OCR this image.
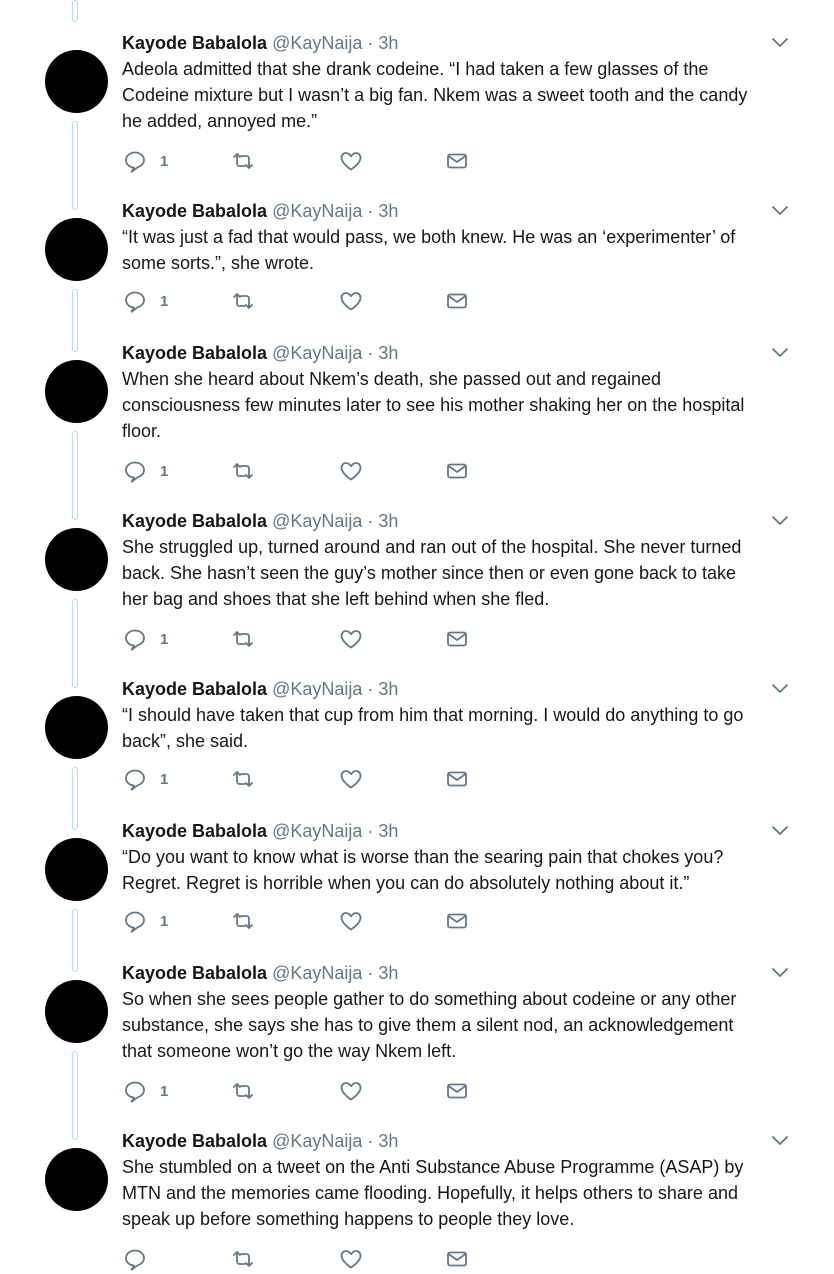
Kayode Babalola @KayNaija · 3h
Adeola admitted that she drank codeine. “I had taken a few glasses of the
Codeine mixture but I wasn’t a big fan. Nkem was a sweet tooth and the candy
he added, annoyed me.”
1
Kayode Babalola @KayNaija · 3h
“It was just a fad that would pass, we both knew. He was an ‘experimenter’ of
some sorts.”, she wrote.
1
Kayode Babalola @KayNaija · 3h
When she heard about Nkem’s death, she passed out and regained
consciousness few minutes later to see his mother shaking her on the hospital
floor.
1
Kayode Babalola @KayNaija · 3h
She struggled up, turned around and ran out of the hospital. She never turned
back. She hasn’t seen the guy’s mother since then or even gone back to take
her bag and shoes that she left behind when she fled.
1
Kayode Babalola @KayNaija · 3h
“I should have taken that cup from him that morning. I would do anything to go
back”, she said.
1
Kayode Babalola @KayNaija · 3h
“Do you want to know what is worse than the searing pain that chokes you?
Regret. Regret is horrible when you can do absolutely nothing about it.”
1
Kayode Babalola @KayNaija · 3h
So when she sees people gather to do something about codeine or any other
substance, she says she has to give them a silent nod, an acknowledgement
that someone won’t go the way Nkem left.
1
Kayode Babalola @KayNaija · 3h
She stumbled on a tweet on the Anti Substance Abuse Programme (ASAP) by
MTN and the memories came flooding. Hopefully, it helps others to share and
speak up before something happens to people they love.
